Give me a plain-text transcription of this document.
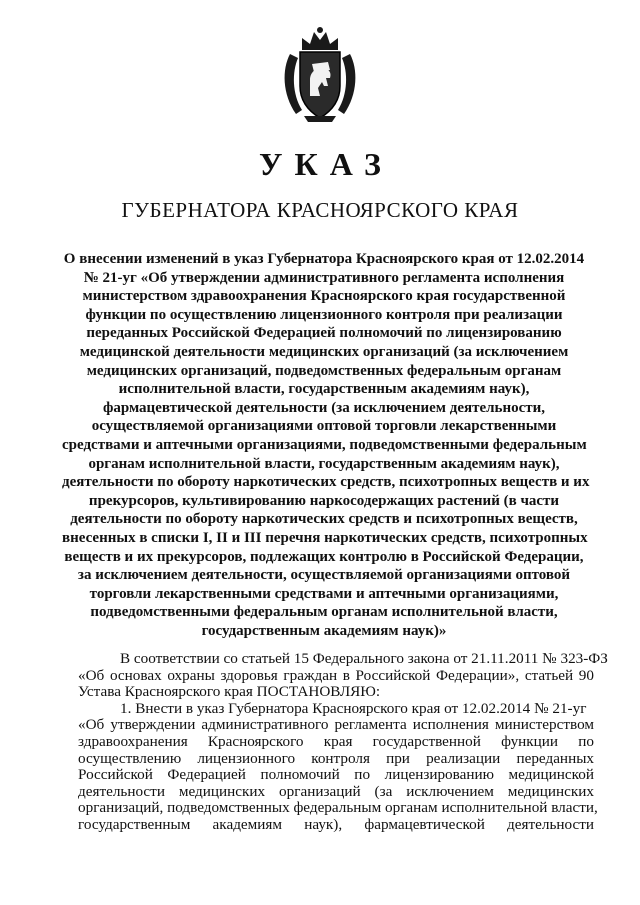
УКАЗ
ГУБЕРНАТОРА КРАСНОЯРСКОГО КРАЯ
О внесении изменений в указ Губернатора Красноярского края от 12.02.2014
№ 21-уг «Об утверждении административного регламента исполнения
министерством здравоохранения Красноярского края государственной
функции по осуществлению лицензионного контроля при реализации
переданных Российской Федерацией полномочий по лицензированию
медицинской деятельности медицинских организаций (за исключением
медицинских организаций, подведомственных федеральным органам
исполнительной власти, государственным академиям наук),
фармацевтической деятельности (за исключением деятельности,
осуществляемой организациями оптовой торговли лекарственными
средствами и аптечными организациями, подведомственными федеральным
органам исполнительной власти, государственным академиям наук),
деятельности по обороту наркотических средств, психотропных веществ и их
прекурсоров, культивированию наркосодержащих растений (в части
деятельности по обороту наркотических средств и психотропных веществ,
внесенных в списки I, II и III перечня наркотических средств, психотропных
веществ и их прекурсоров, подлежащих контролю в Российской Федерации,
за исключением деятельности, осуществляемой организациями оптовой
торговли лекарственными средствами и аптечными организациями,
подведомственными федеральным органам исполнительной власти,
государственным академиям наук)»
В соответствии со статьей 15 Федерального закона от 21.11.2011 № 323-ФЗ
«Об основах охраны здоровья граждан в Российской Федерации», статьей 90
Устава Красноярского края ПОСТАНОВЛЯЮ:
1. Внести в указ Губернатора Красноярского края от 12.02.2014 № 21-уг
«Об утверждении административного регламента исполнения министерством
здравоохранения Красноярского края государственной функции по
осуществлению лицензионного контроля при реализации переданных
Российской Федерацией полномочий по лицензированию медицинской
деятельности медицинских организаций (за исключением медицинских
организаций, подведомственных федеральным органам исполнительной власти,
государственным академиям наук), фармацевтической деятельности
